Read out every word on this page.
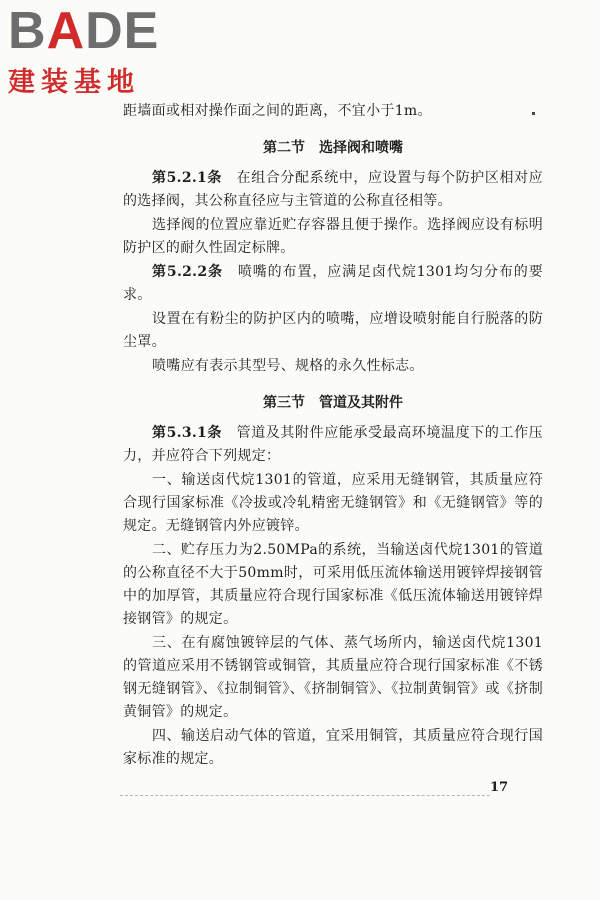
BADE
建装基地

距墙面或相对操作面之间的距离，不宜小于1m。

第二节 选择阀和喷嘴

第5.2.1条　 在组合分配系统中，应设置与每个防护区相对应的选择阀，其公称直径应与主管道的公称直径相等。

选择阀的位置应靠近贮存容器且便于操作。选择阀应设有标明防护区的耐久性固定标牌。

第5.2.2条　 喷嘴的布置，应满足卤代烷1301均匀分布的要求。

设置在有粉尘的防护区内的喷嘴，应增设喷射能自行脱落的防尘罩。

喷嘴应有表示其型号、规格的永久性标志。

第三节 管道及其附件

第5.3.1条　 管道及其附件应能承受最高环境温度下的工作压力，并应符合下列规定：

一、输送卤代烷1301的管道，应采用无缝钢管，其质量应符合现行国家标准《冷拔或冷轧精密无缝钢管》和《无缝钢管》等的规定。无缝钢管内外应镀锌。

二、贮存压力为2.50MPa的系统，当输送卤代烷1301的管道的公称直径不大于50mm时，可采用低压流体输送用镀锌焊接钢管中的加厚管，其质量应符合现行国家标准《低压流体输送用镀锌焊接钢管》的规定。

三、在有腐蚀镀锌层的气体、蒸气场所内，输送卤代烷1301的管道应采用不锈钢管或铜管，其质量应符合现行国家标准《不锈钢无缝钢管》、《拉制铜管》、《挤制铜管》、《拉制黄铜管》或《挤制黄铜管》的规定。

四、输送启动气体的管道，宜采用铜管，其质量应符合现行国家标准的规定。

17
